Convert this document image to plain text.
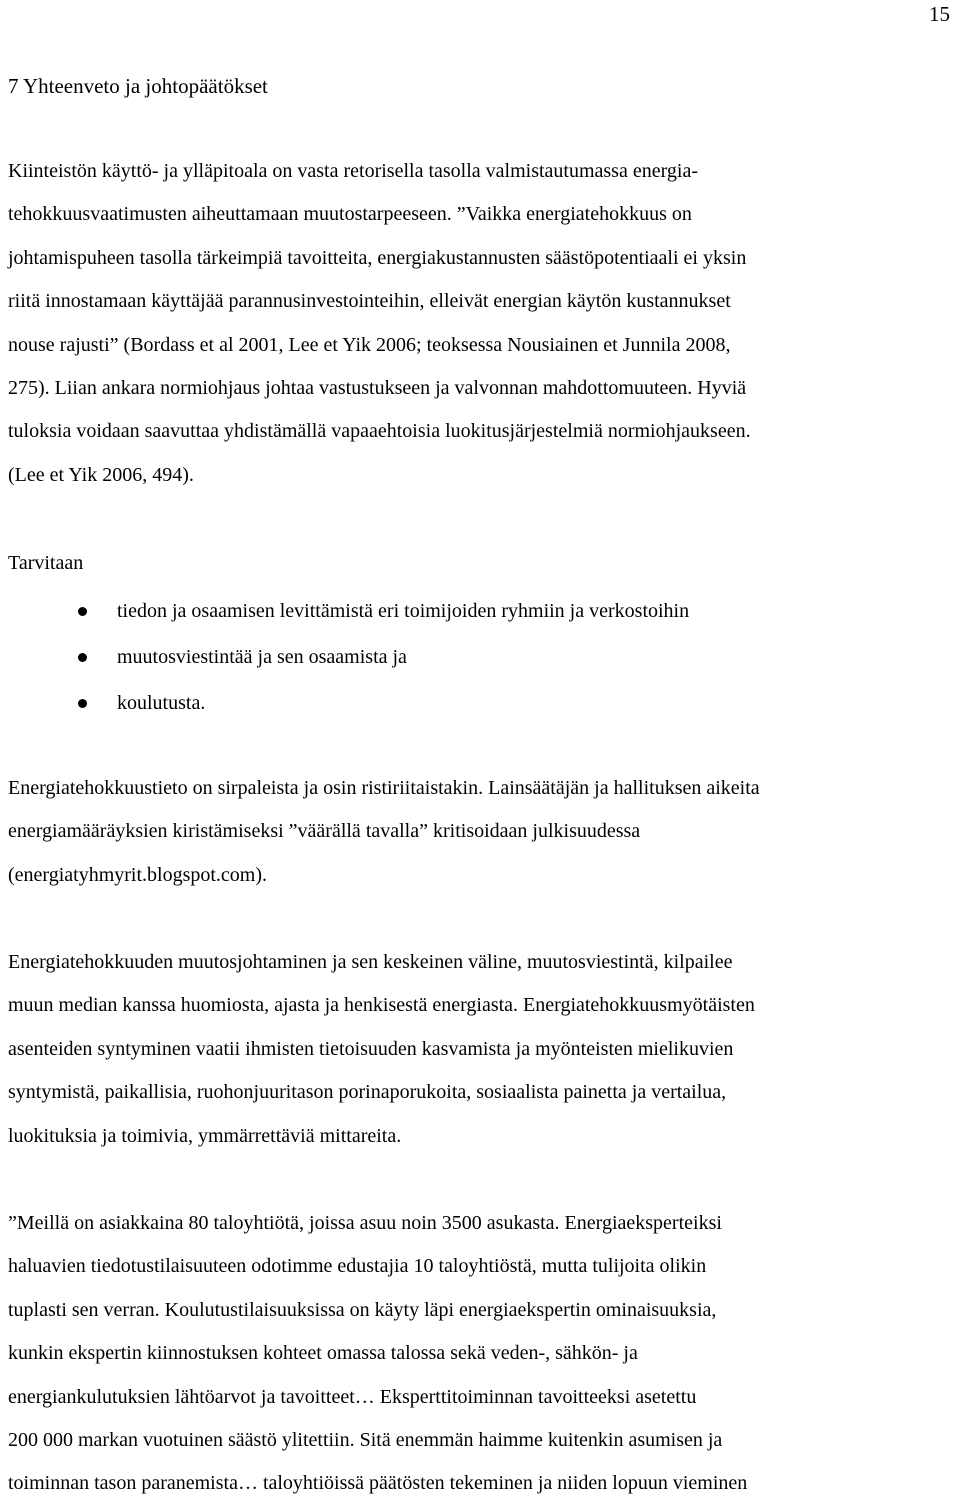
15
7 Yhteenveto ja johtopäätökset

Kiinteistön käyttö- ja ylläpitoala on vasta retorisella tasolla valmistautumassa energia-
tehokkuusvaatimusten aiheuttamaan muutostarpeeseen. ”Vaikka energiatehokkuus on
johtamispuheen tasolla tärkeimpiä tavoitteita, energiakustannusten säästöpotentiaali ei yksin
riitä innostamaan käyttäjää parannusinvestointeihin, elleivät energian käytön kustannukset
nouse rajusti” (Bordass et al 2001, Lee et Yik 2006; teoksessa Nousiainen et Junnila 2008,
275). Liian ankara normiohjaus johtaa vastustukseen ja valvonnan mahdottomuuteen. Hyviä
tuloksia voidaan saavuttaa yhdistämällä vapaaehtoisia luokitusjärjestelmiä normiohjaukseen.
(Lee et Yik 2006, 494).

Tarvitaan

tiedon ja osaamisen levittämistä eri toimijoiden ryhmiin ja verkostoihin
muutosviestintää ja sen osaamista ja
koulutusta.

Energiatehokkuustieto on sirpaleista ja osin ristiriitaistakin. Lainsäätäjän ja hallituksen aikeita
energiamääräyksien kiristämiseksi ”väärällä tavalla” kritisoidaan julkisuudessa
(energiatyhmyrit.blogspot.com).

Energiatehokkuuden muutosjohtaminen ja sen keskeinen väline, muutosviestintä, kilpailee
muun median kanssa huomiosta, ajasta ja henkisestä energiasta. Energiatehokkuusmyötäisten
asenteiden syntyminen vaatii ihmisten tietoisuuden kasvamista ja myönteisten mielikuvien
syntymistä, paikallisia, ruohonjuuritason porinaporukoita, sosiaalista painetta ja vertailua,
luokituksia ja toimivia, ymmärrettäviä mittareita.

”Meillä on asiakkaina 80 taloyhtiötä, joissa asuu noin 3500 asukasta. Energiaeksperteiksi
haluavien tiedotustilaisuuteen odotimme edustajia 10 taloyhtiöstä, mutta tulijoita olikin
tuplasti sen verran. Koulutustilaisuuksissa on käyty läpi energiaekspertin ominaisuuksia,
kunkin ekspertin kiinnostuksen kohteet omassa talossa sekä veden-, sähkön- ja
energiankulutuksien lähtöarvot ja tavoitteet… Eksperttitoiminnan tavoitteeksi asetettu
200 000 markan vuotuinen säästö ylitettiin. Sitä enemmän haimme kuitenkin asumisen ja
toiminnan tason paranemista… taloyhtiöissä päätösten tekeminen ja niiden lopuun vieminen
